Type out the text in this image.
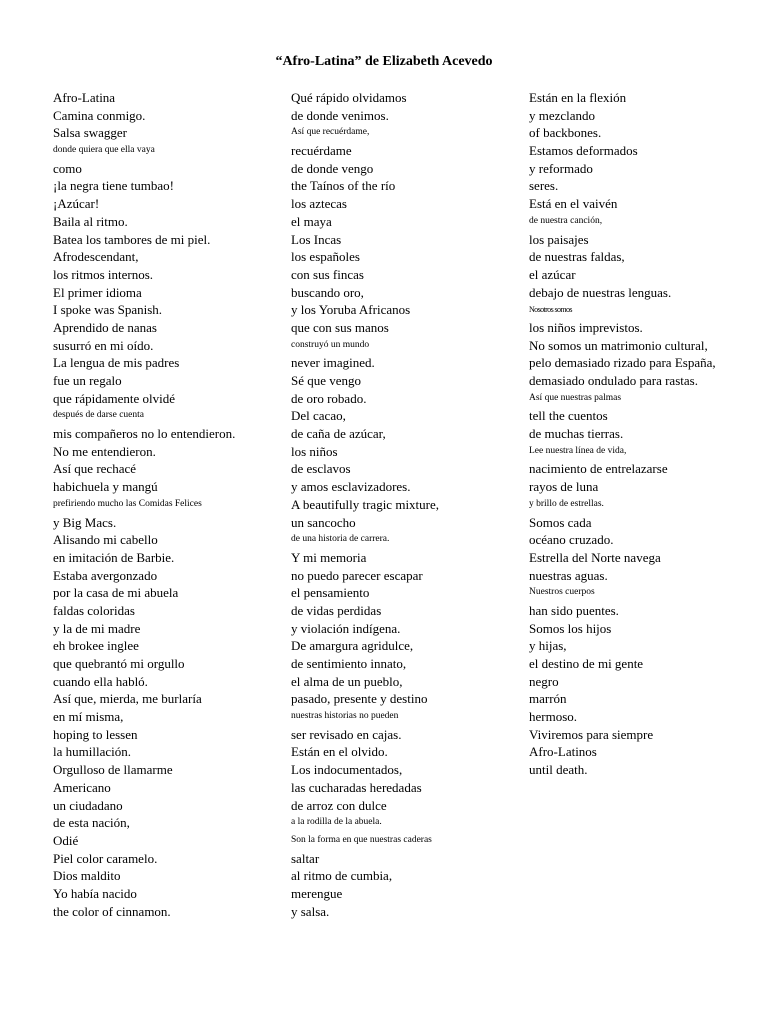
“Afro-Latina” de Elizabeth Acevedo
Afro-Latina
Camina conmigo.
Salsa swagger
donde quiera que ella vaya
como
¡la negra tiene tumbao!
¡Azúcar!
Baila al ritmo.
Batea los tambores de mi piel.
Afrodescendant,
los ritmos internos.
El primer idioma
I spoke was Spanish.
Aprendido de nanas
susurró en mi oído.
La lengua de mis padres
fue un regalo
que rápidamente olvidé
después de darse cuenta
mis compañeros no lo entendieron.
No me entendieron.
Así que rechacé
habichuela y mangú
prefiriendo mucho las Comidas Felices
y Big Macs.
Alisando mi cabello
en imitación de Barbie.
Estaba avergonzado
por la casa de mi abuela
faldas coloridas
y la de mi madre
eh brokee inglee
que quebrantó mi orgullo
cuando ella habló.
Así que, mierda, me burlaría
en mí misma,
hoping to lessen
la humillación.
Orgulloso de llamarme
Americano
un ciudadano
de esta nación,
Odié
Piel color caramelo.
Dios maldito
Yo había nacido
the color of cinnamon.
Qué rápido olvidamos
de donde venimos.
Así que recuérdame,
recuérdame
de donde vengo
the Taínos of the río
los aztecas
el maya
Los Incas
los españoles
con sus fincas
buscando oro,
y los Yoruba Africanos
que con sus manos
construyó un mundo
never imagined.
Sé que vengo
de oro robado.
Del cacao,
de caña de azúcar,
los niños
de esclavos
y amos esclavizadores.
A beautifully tragic mixture,
un sancocho
de una historia de carrera.
Y mi memoria
no puedo parecer escapar
el pensamiento
de vidas perdidas
y violación indígena.
De amargura agridulce,
de sentimiento innato,
el alma de un pueblo,
pasado, presente y destino
nuestras historias no pueden
ser revisado en cajas.
Están en el olvido.
Los indocumentados,
las cucharadas heredadas
de arroz con dulce
a la rodilla de la abuela.
Son la forma en que nuestras caderas
saltar
al ritmo de cumbia,
merengue
y salsa.
Están en la flexión
y mezclando
of backbones.
Estamos deformados
y reformado
seres.
Está en el vaivén
de nuestra canción,
los paisajes
de nuestras faldas,
el azúcar
debajo de nuestras lenguas.
Nosotros somos
los niños imprevistos.
No somos un matrimonio cultural,
pelo demasiado rizado para España,
demasiado ondulado para rastas.
Así que nuestras palmas
tell the cuentos
de muchas tierras.
Lee nuestra línea de vida,
nacimiento de entrelazarse
rayos de luna
y brillo de estrellas.
Somos cada
océano cruzado.
Estrella del Norte navega
nuestras aguas.
Nuestros cuerpos
han sido puentes.
Somos los hijos
y hijas,
el destino de mi gente
negro
marrón
hermoso.
Viviremos para siempre
Afro-Latinos
until death.
